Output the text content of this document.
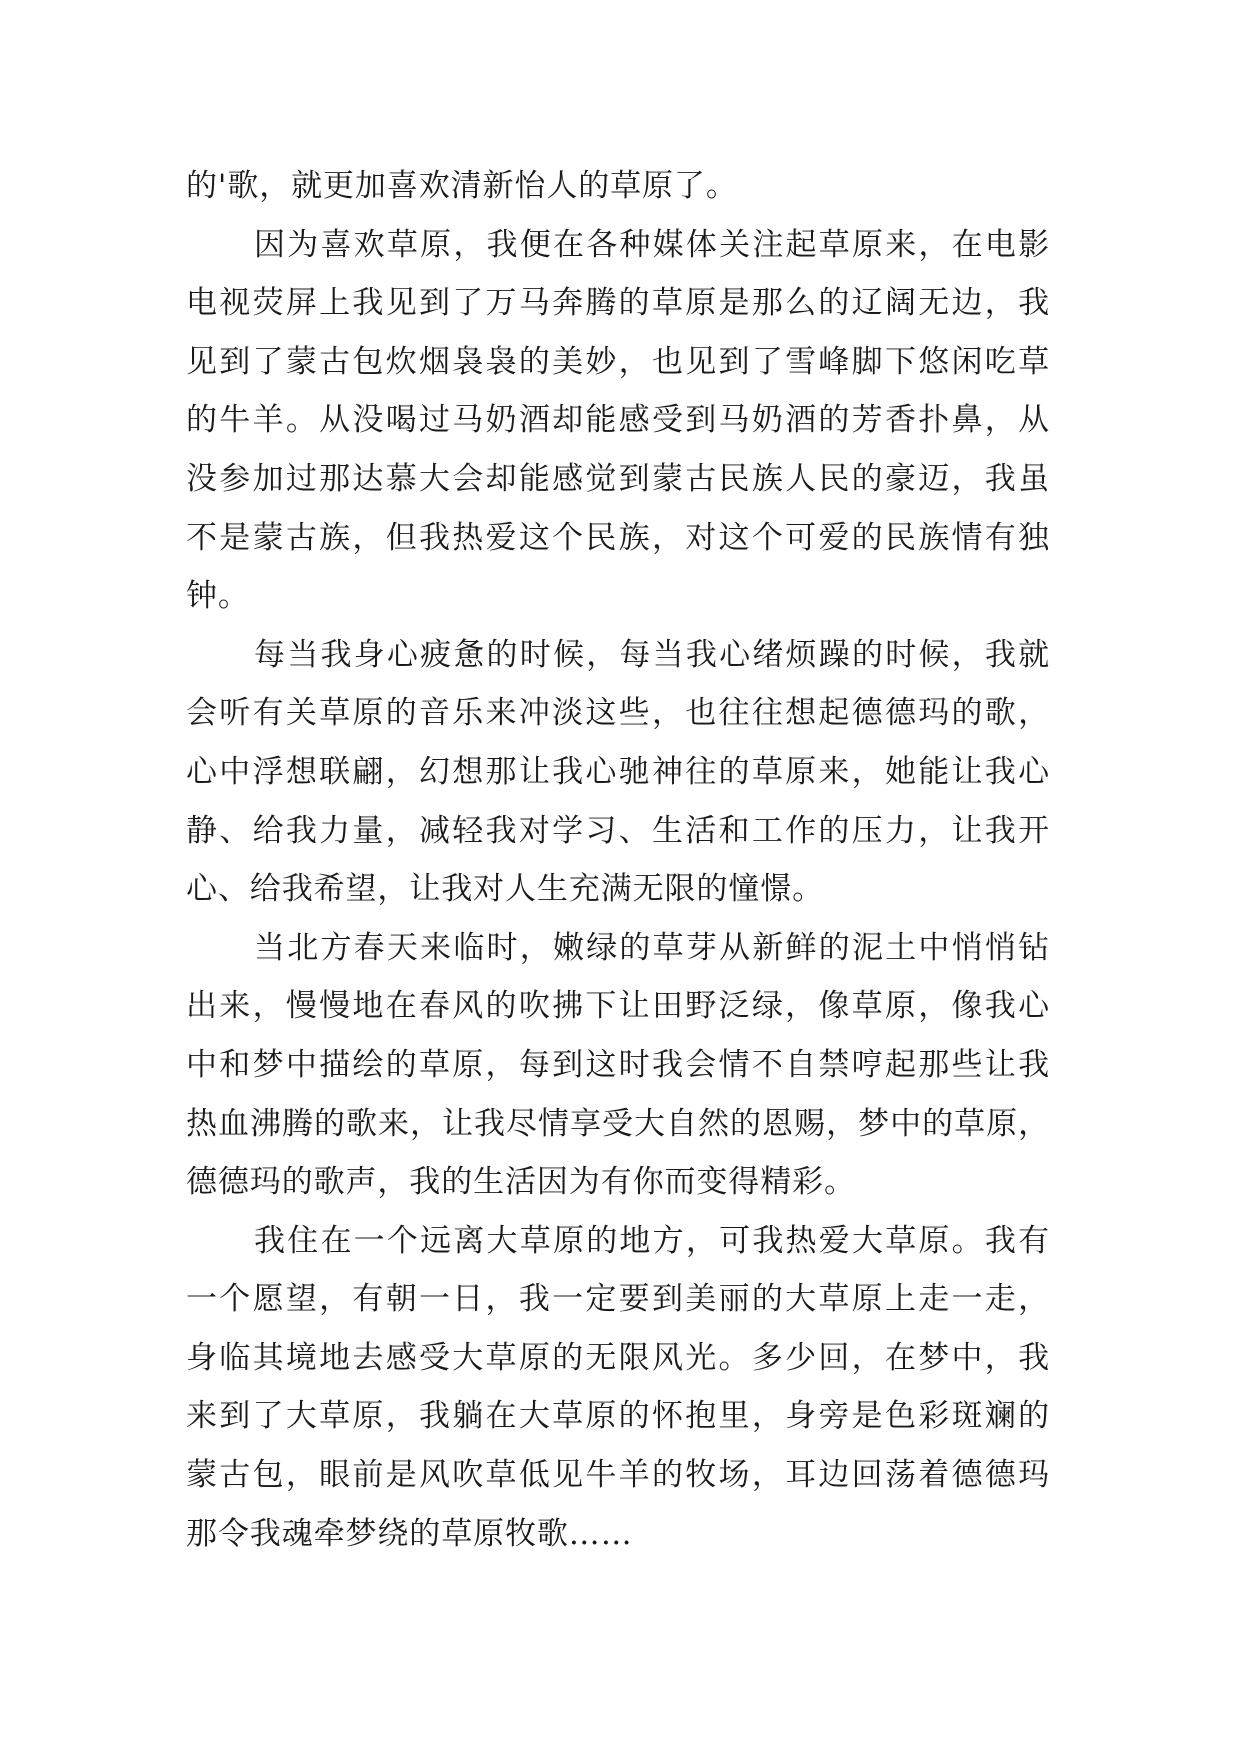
的'歌，就更加喜欢清新怡人的草原了。
因为喜欢草原，我便在各种媒体关注起草原来，在电影
电视荧屏上我见到了万马奔腾的草原是那么的辽阔无边，我
见到了蒙古包炊烟袅袅的美妙，也见到了雪峰脚下悠闲吃草
的牛羊。从没喝过马奶酒却能感受到马奶酒的芳香扑鼻，从
没参加过那达慕大会却能感觉到蒙古民族人民的豪迈，我虽
不是蒙古族，但我热爱这个民族，对这个可爱的民族情有独
钟。
每当我身心疲惫的时候，每当我心绪烦躁的时候，我就
会听有关草原的音乐来冲淡这些，也往往想起德德玛的歌，
心中浮想联翩，幻想那让我心驰神往的草原来，她能让我心
静、给我力量，减轻我对学习、生活和工作的压力，让我开
心、给我希望，让我对人生充满无限的憧憬。
当北方春天来临时，嫩绿的草芽从新鲜的泥土中悄悄钻
出来，慢慢地在春风的吹拂下让田野泛绿，像草原，像我心
中和梦中描绘的草原，每到这时我会情不自禁哼起那些让我
热血沸腾的歌来，让我尽情享受大自然的恩赐，梦中的草原，
德德玛的歌声，我的生活因为有你而变得精彩。
我住在一个远离大草原的地方，可我热爱大草原。我有
一个愿望，有朝一日，我一定要到美丽的大草原上走一走，
身临其境地去感受大草原的无限风光。多少回，在梦中，我
来到了大草原，我躺在大草原的怀抱里，身旁是色彩斑斓的
蒙古包，眼前是风吹草低见牛羊的牧场，耳边回荡着德德玛
那令我魂牵梦绕的草原牧歌……
